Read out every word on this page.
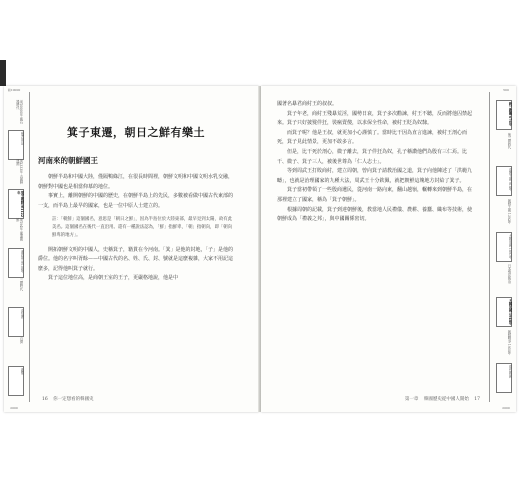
前10000年 舊石器時代
檀君神話
前2333年 古朝鮮建國
箕子朝鮮 前1122年
前194年 衛滿朝鮮
漢四郡 前108年
三國時代
高句麗
百濟
新羅
前10000
2000
箕子東遷，朝日之鮮有樂土
河南來的朝鮮國王

朝鮮半島和中國大陸，僅隔鴨綠江，在很長時間裡，朝鮮文明和中國文明水乳交融，朝鮮對中國也是相當仰慕的地位。

事實上，離開朝鮮的中國的歷史，在朝鮮半島上的先民，多數被看做中國古代東部的一支，而半島上最早的國家，也是一位中原人士建立的。

註：「朝鮮」這個國名，意思是「朝日之鮮」，因為半島位於大陸東部，最早見到太陽，故有此美名。這個國名在後代一直沿用。還有一種說法認為，「鮮」指鮮卑，「朝」指朝向，即「朝向鮮卑的地方」。

開拓朝鮮文明的中國人，史稱箕子，籍貫在今河南。「箕」是他的封地，「子」是他的爵位。他的名字叫胥餘——中國古代的名、姓、氏、封、號就是這麼複雜，大家不用記這麼多，記得他叫箕子就行。

箕子這位地位高，是商朝王室的王子，更嚴格地說，他是中

16 你一定想看的韓國史
統一新羅 676年
後三國時代
高麗王朝 918年
朝鮮王朝 1392年
大韓帝國 1897年
日本殖民統治
大韓民國 1948年
朝鮮戰爭 1950年
現代韓國
500
2000

國著名暴君商紂王的叔叔。

箕子年老，商紂王殘暴荒淫，國勢日衰，箕子多次勸諫，紂王不聽，反而將他囚禁起來。箕子只好披髮佯狂，裝瘋賣傻，以求保全性命，被紂王貶為奴隸。

而箕子呢？他是王叔，就更加小心謹慎了。當時比干因為直言進諫，被紂王剖心而死，箕子見此情景，更加不敢多言。

但是，比干死於剖心，微子離去，箕子佯狂為奴，孔子稱讚他們為殷有三仁焉。比干、微子、箕子三人，被後世尊為「仁人志士」。

等到周武王打敗商紂，建立周朝，曾向箕子請教治國之道，箕子向他陳述了「洪範九疇」，也就是治理國家的九種大法，周武王十分欽佩，就把朝鮮這塊地方封給了箕子。

箕子當初帶領了一些殷商遺民，從河南一路向東，翻山越嶺，輾轉來到朝鮮半島，在那裡建立了國家，稱為「箕子朝鮮」。

根據周朝的記載，箕子到達朝鮮後，教當地人民禮儀、農耕、養蠶、織布等技術，使朝鮮成為「禮義之邦」，與中國關係密切。

第一章 韓國歷史從中國人開始 17
